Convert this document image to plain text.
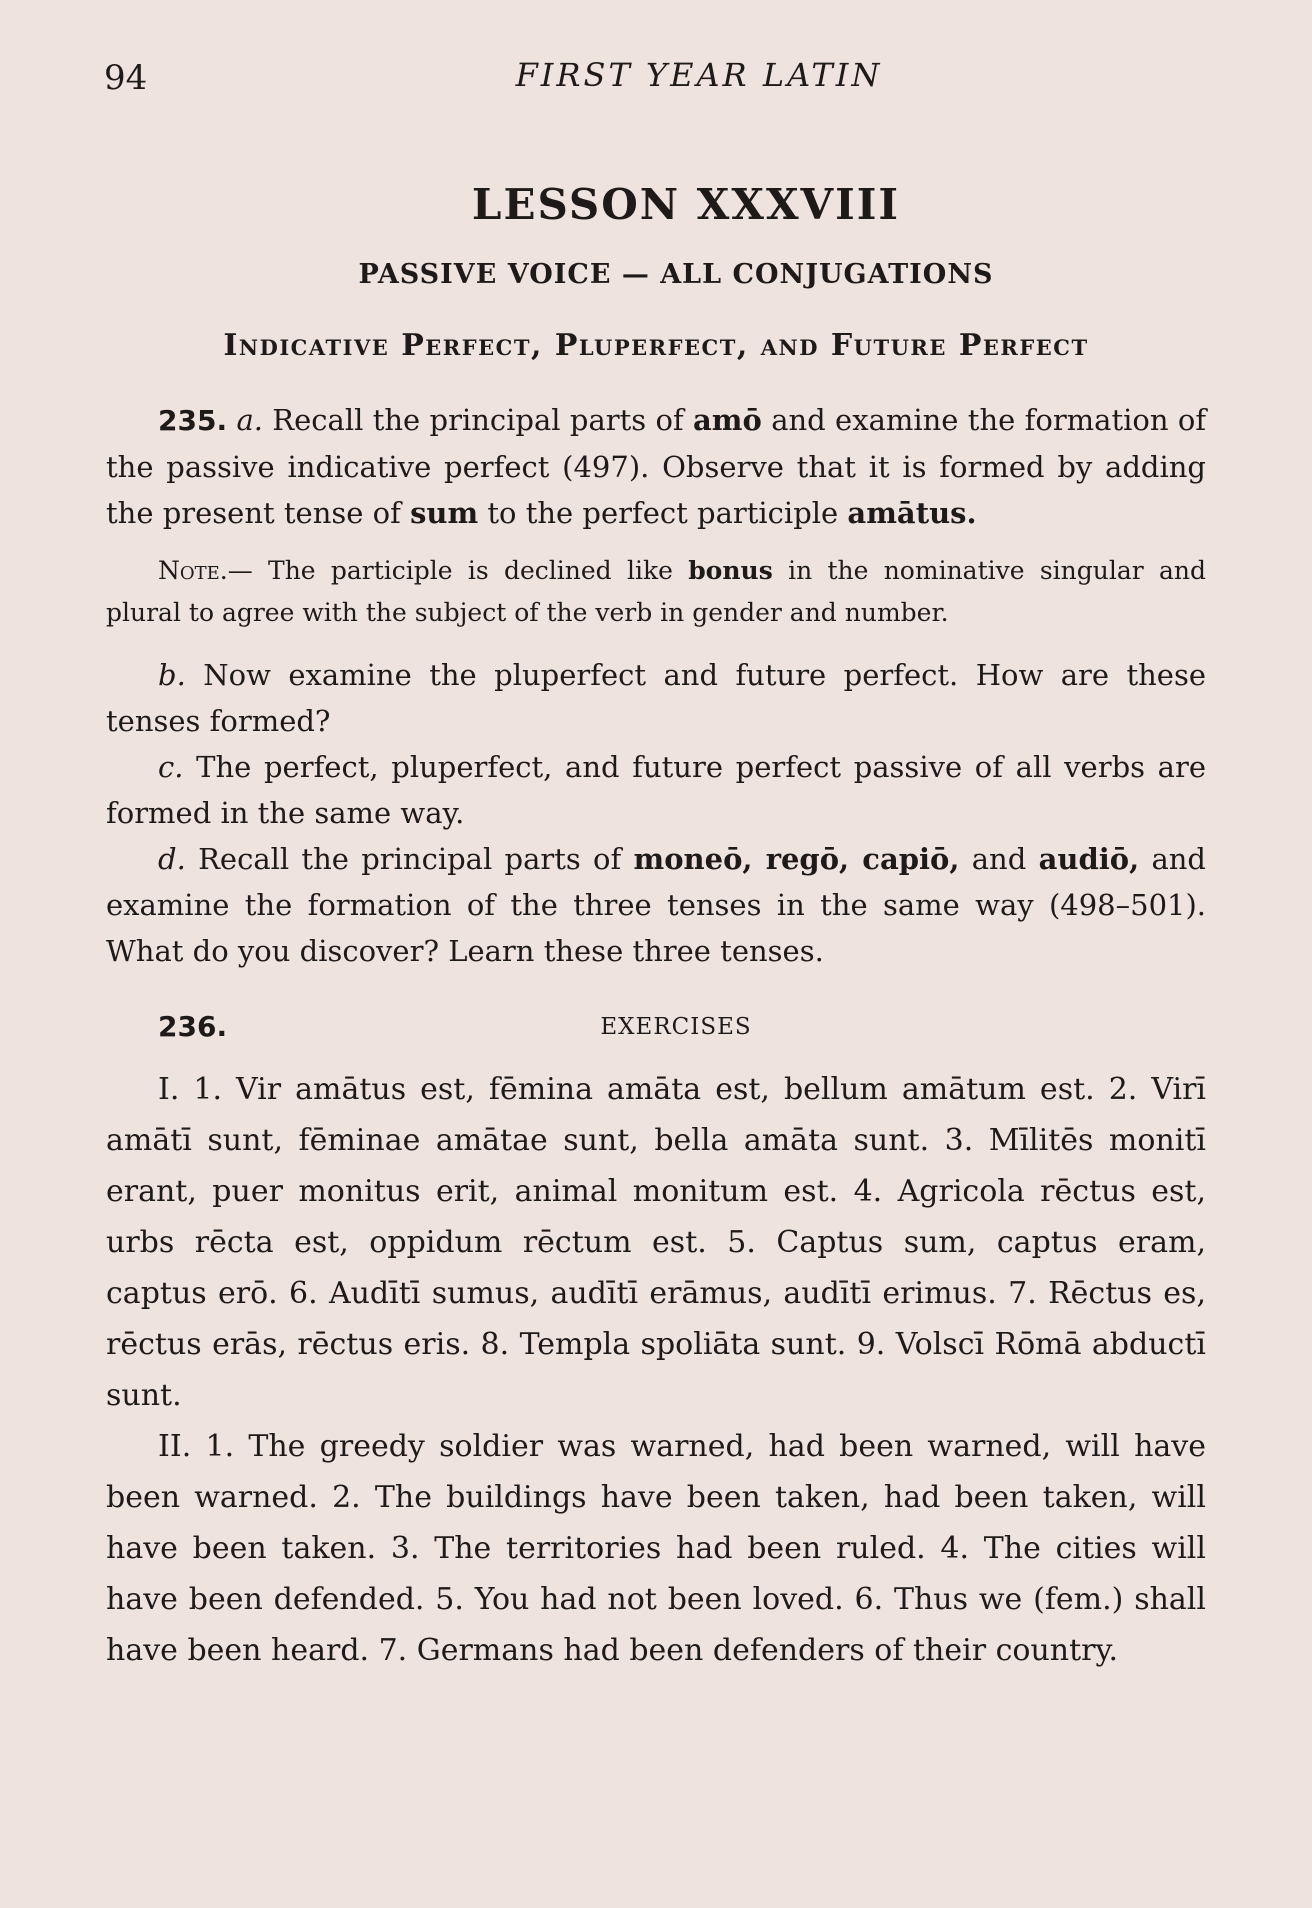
94	FIRST YEAR LATIN
LESSON XXXVIII
PASSIVE VOICE — ALL CONJUGATIONS
Indicative Perfect, Pluperfect, and Future Perfect

235. a. Recall the principal parts of amō and examine the formation of the passive indicative perfect (497). Observe that it is formed by adding the present tense of sum to the perfect participle amātus.

Note.— The participle is declined like bonus in the nominative singular and plural to agree with the subject of the verb in gender and number.

b. Now examine the pluperfect and future perfect. How are these tenses formed?

c. The perfect, pluperfect, and future perfect passive of all verbs are formed in the same way.

d. Recall the principal parts of moneō, regō, capiō, and audiō, and examine the formation of the three tenses in the same way (498–501). What do you discover? Learn these three tenses.

236.	EXERCISES

I. 1. Vir amātus est, fēmina amāta est, bellum amātum est. 2. Virī amātī sunt, fēminae amātae sunt, bella amāta sunt. 3. Mīlitēs monitī erant, puer monitus erit, animal monitum est. 4. Agricola rēctus est, urbs rēcta est, oppidum rēctum est. 5. Captus sum, captus eram, captus erō. 6. Audītī sumus, audītī erāmus, audītī erimus. 7. Rēctus es, rēctus erās, rēctus eris. 8. Templa spoliāta sunt. 9. Volscī Rōmā abductī sunt.

II. 1. The greedy soldier was warned, had been warned, will have been warned. 2. The buildings have been taken, had been taken, will have been taken. 3. The territories had been ruled. 4. The cities will have been defended. 5. You had not been loved. 6. Thus we (fem.) shall have been heard. 7. Germans had been defenders of their country.
